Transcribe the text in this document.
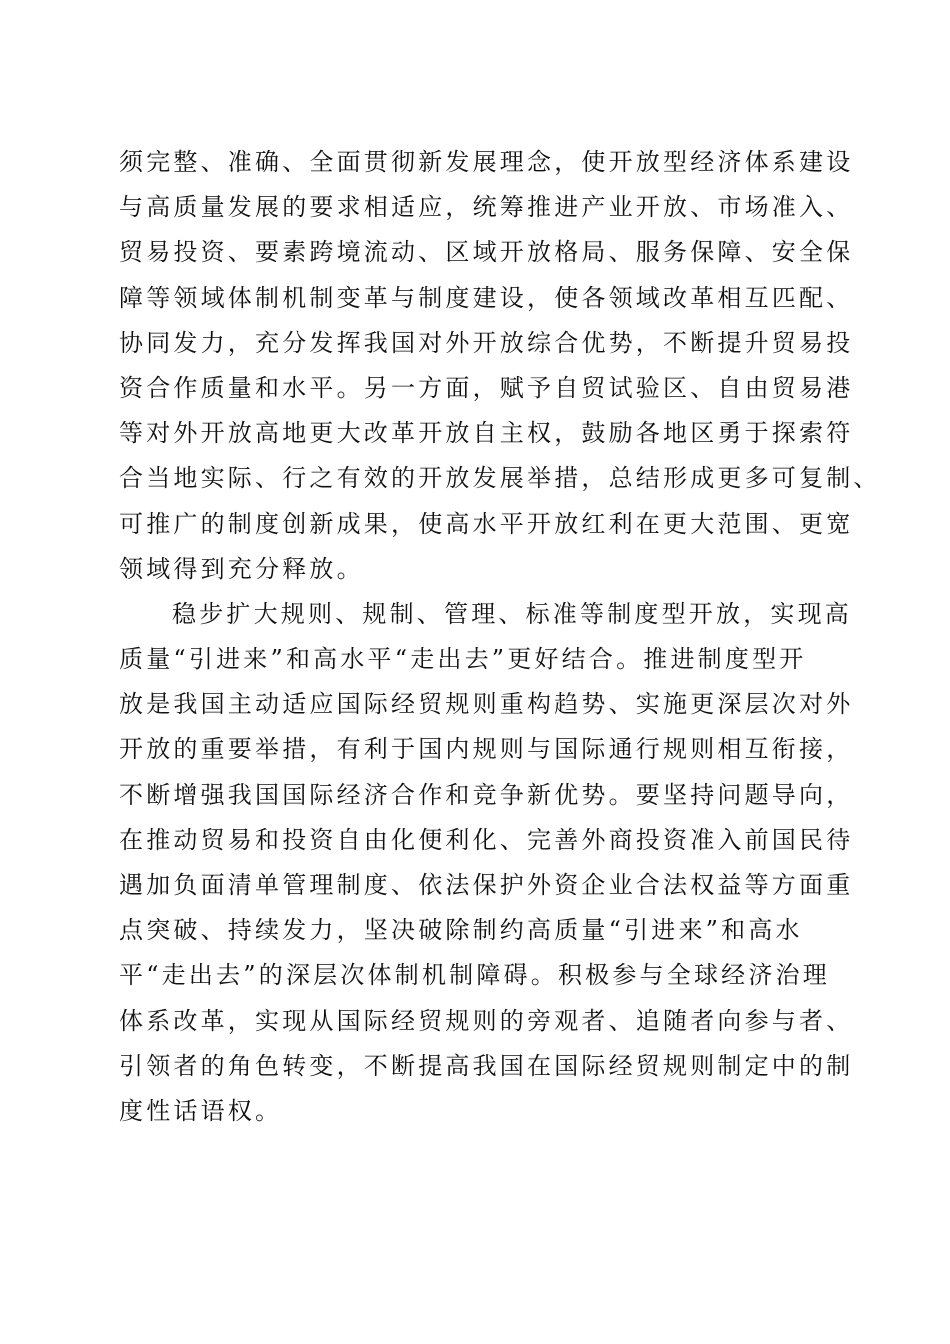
须完整、准确、全面贯彻新发展理念，使开放型经济体系建设
与高质量发展的要求相适应，统筹推进产业开放、市场准入、
贸易投资、要素跨境流动、区域开放格局、服务保障、安全保
障等领域体制机制变革与制度建设，使各领域改革相互匹配、
协同发力，充分发挥我国对外开放综合优势，不断提升贸易投
资合作质量和水平。另一方面，赋予自贸试验区、自由贸易港
等对外开放高地更大改革开放自主权，鼓励各地区勇于探索符
合当地实际、行之有效的开放发展举措，总结形成更多可复制、
可推广的制度创新成果，使高水平开放红利在更大范围、更宽
领域得到充分释放。
稳步扩大规则、规制、管理、标准等制度型开放，实现高
质量“引进来”和高水平“走出去”更好结合。推进制度型开
放是我国主动适应国际经贸规则重构趋势、实施更深层次对外
开放的重要举措，有利于国内规则与国际通行规则相互衔接，
不断增强我国国际经济合作和竞争新优势。要坚持问题导向，
在推动贸易和投资自由化便利化、完善外商投资准入前国民待
遇加负面清单管理制度、依法保护外资企业合法权益等方面重
点突破、持续发力，坚决破除制约高质量“引进来”和高水
平“走出去”的深层次体制机制障碍。积极参与全球经济治理
体系改革，实现从国际经贸规则的旁观者、追随者向参与者、
引领者的角色转变，不断提高我国在国际经贸规则制定中的制
度性话语权。
